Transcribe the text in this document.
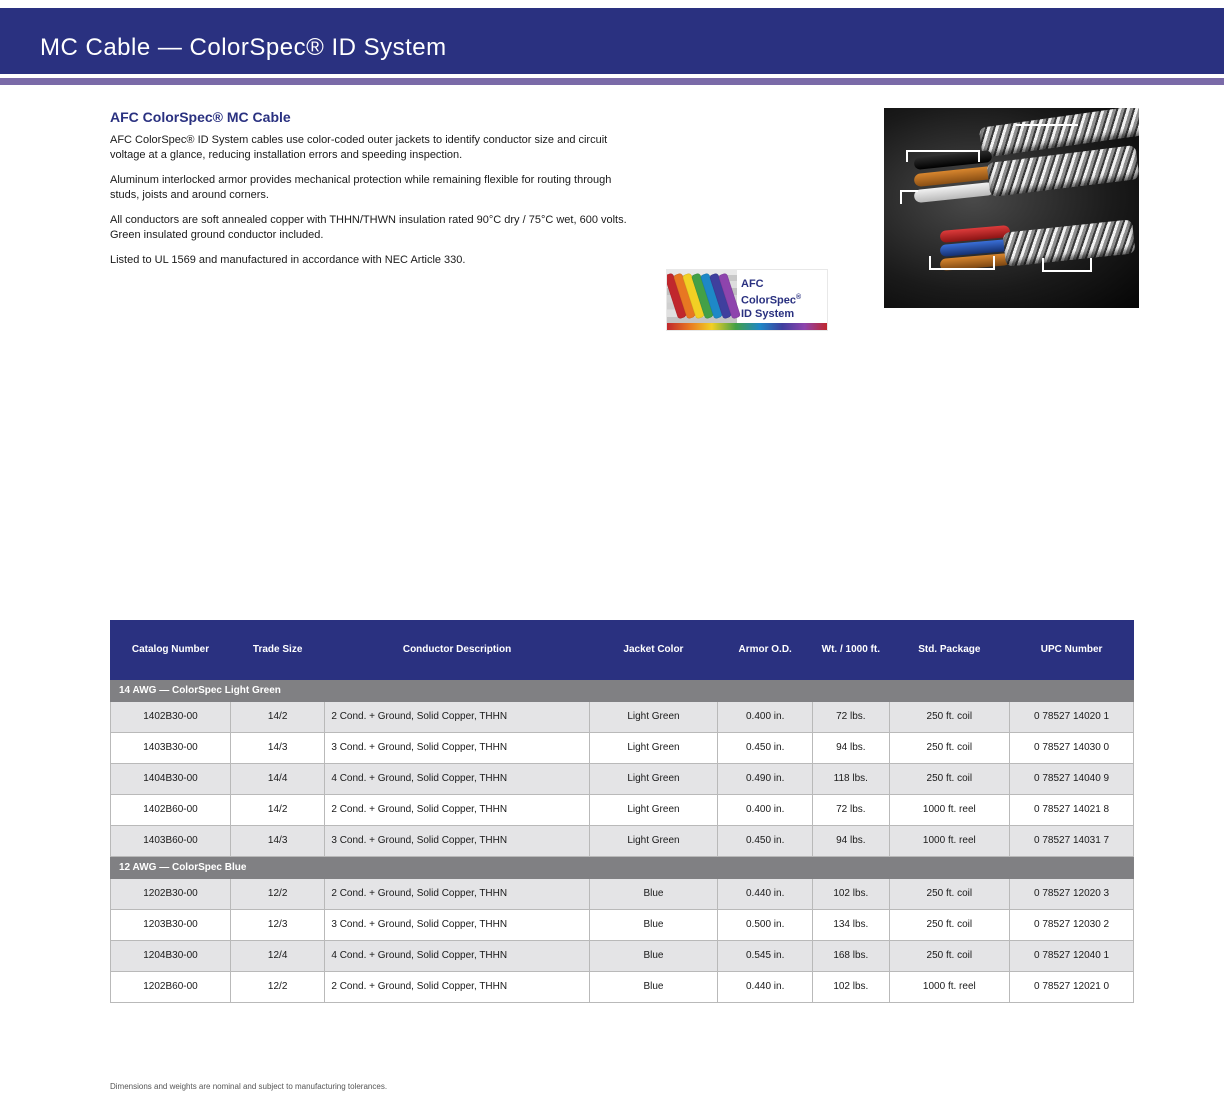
MC Cable — ColorSpec® ID System
AFC ColorSpec® MC Cable

AFC ColorSpec® ID System cables use color-coded outer jackets to identify conductor size and circuit voltage at a glance, reducing installation errors and speeding inspection.

Aluminum interlocked armor provides mechanical protection while remaining flexible for routing through studs, joists and around corners.

All conductors are soft annealed copper with THHN/THWN insulation rated 90°C dry / 75°C wet, 600 volts. Green insulated ground conductor included.

Listed to UL 1569 and manufactured in accordance with NEC Article 330.

AFC
ColorSpec®
ID System
Catalog Number	Trade Size	Conductor Description	Jacket Color	Armor O.D.	Wt. / 1000 ft.	Std. Package	UPC Number
14 AWG — ColorSpec Light Green							
1402B30-00	14/2	2 Cond. + Ground, Solid Copper, THHN	Light Green	0.400 in.	72 lbs.	250 ft. coil	0 78527 14020 1
1403B30-00	14/3	3 Cond. + Ground, Solid Copper, THHN	Light Green	0.450 in.	94 lbs.	250 ft. coil	0 78527 14030 0
1404B30-00	14/4	4 Cond. + Ground, Solid Copper, THHN	Light Green	0.490 in.	118 lbs.	250 ft. coil	0 78527 14040 9
1402B60-00	14/2	2 Cond. + Ground, Solid Copper, THHN	Light Green	0.400 in.	72 lbs.	1000 ft. reel	0 78527 14021 8
1403B60-00	14/3	3 Cond. + Ground, Solid Copper, THHN	Light Green	0.450 in.	94 lbs.	1000 ft. reel	0 78527 14031 7
12 AWG — ColorSpec Blue							
1202B30-00	12/2	2 Cond. + Ground, Solid Copper, THHN	Blue	0.440 in.	102 lbs.	250 ft. coil	0 78527 12020 3
1203B30-00	12/3	3 Cond. + Ground, Solid Copper, THHN	Blue	0.500 in.	134 lbs.	250 ft. coil	0 78527 12030 2
1204B30-00	12/4	4 Cond. + Ground, Solid Copper, THHN	Blue	0.545 in.	168 lbs.	250 ft. coil	0 78527 12040 1
1202B60-00	12/2	2 Cond. + Ground, Solid Copper, THHN	Blue	0.440 in.	102 lbs.	1000 ft. reel	0 78527 12021 0
Dimensions and weights are nominal and subject to manufacturing tolerances.
